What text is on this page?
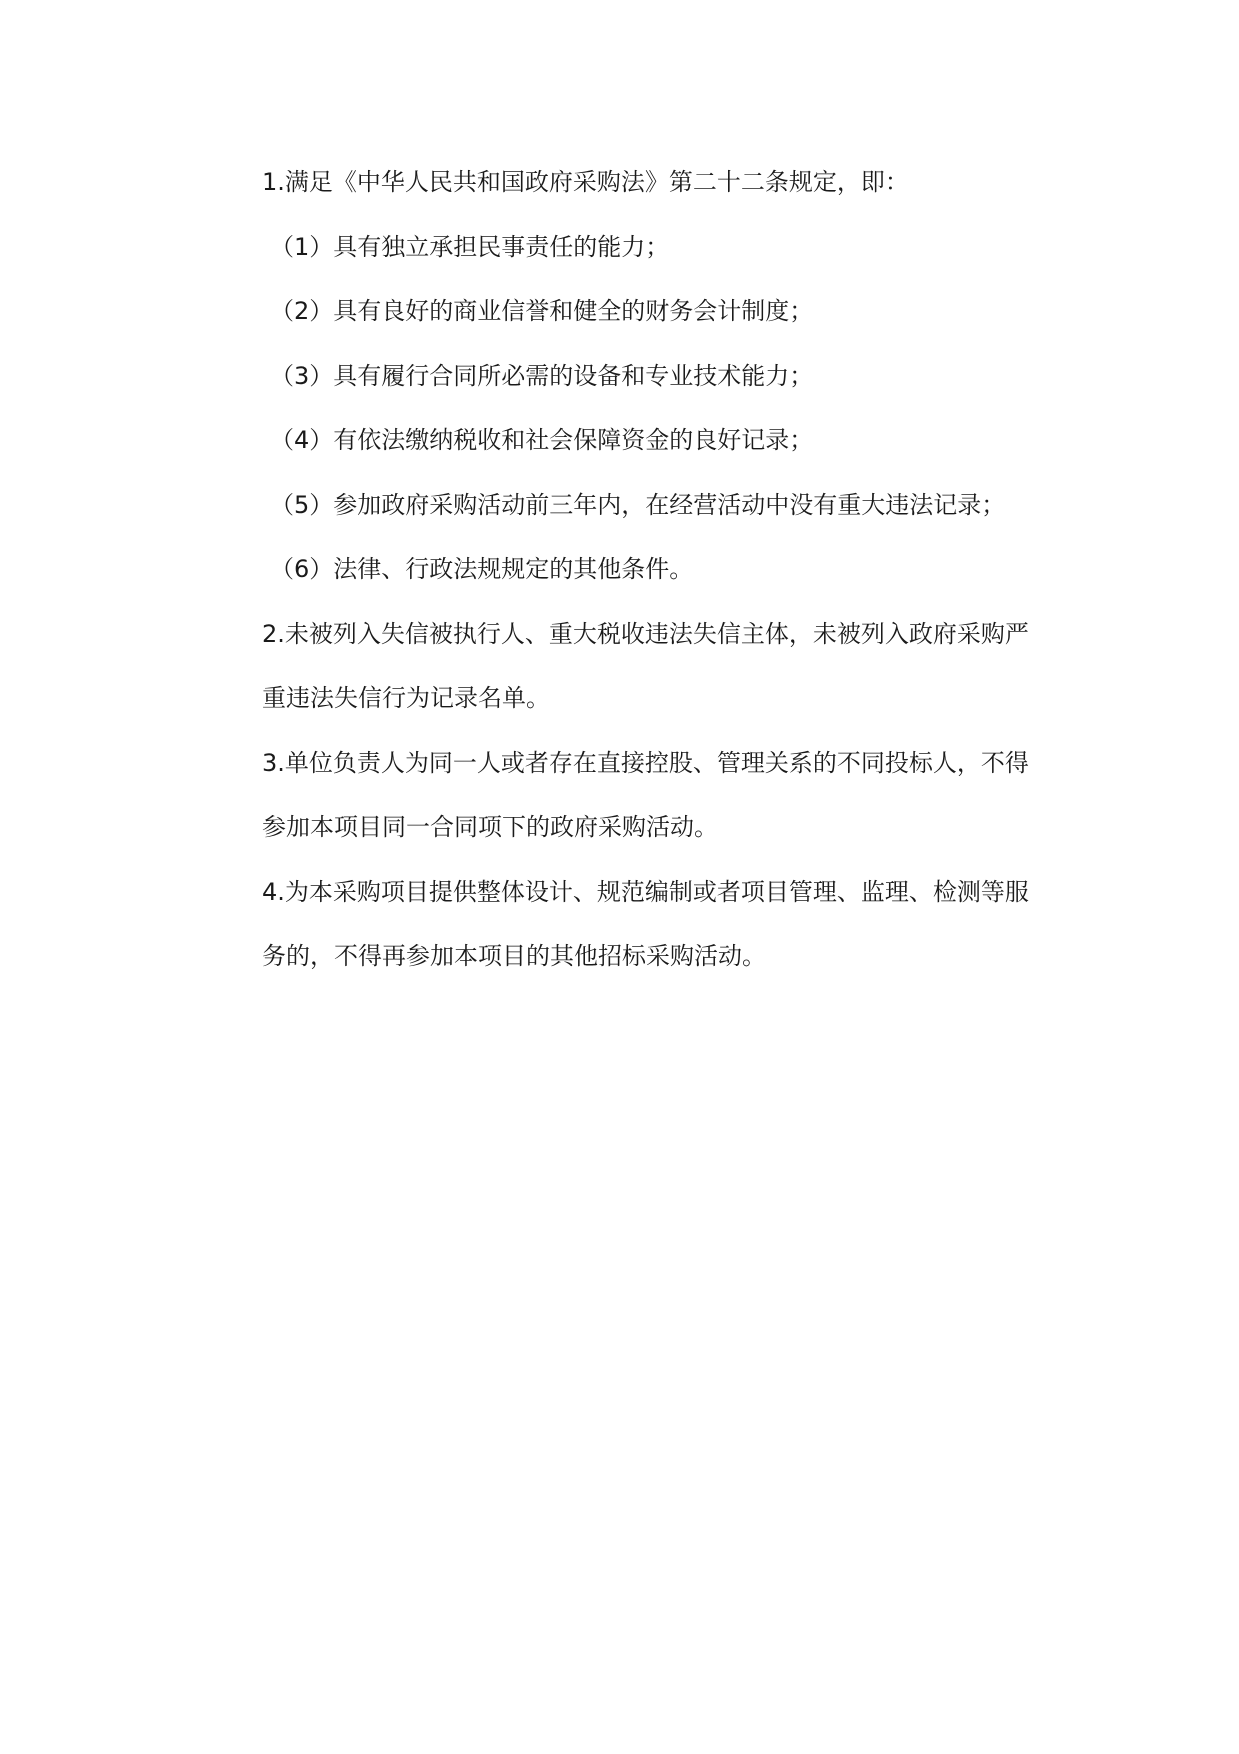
1.满足《中华人民共和国政府采购法》第二十二条规定，即：
（1）具有独立承担民事责任的能力；
（2）具有良好的商业信誉和健全的财务会计制度；
（3）具有履行合同所必需的设备和专业技术能力；
（4）有依法缴纳税收和社会保障资金的良好记录；
（5）参加政府采购活动前三年内，在经营活动中没有重大违法记录；
（6）法律、行政法规规定的其他条件。
2.未被列入失信被执行人、重大税收违法失信主体，未被列入政府采购严
重违法失信行为记录名单。
3.单位负责人为同一人或者存在直接控股、管理关系的不同投标人，不得
参加本项目同一合同项下的政府采购活动。
4.为本采购项目提供整体设计、规范编制或者项目管理、监理、检测等服
务的，不得再参加本项目的其他招标采购活动。
